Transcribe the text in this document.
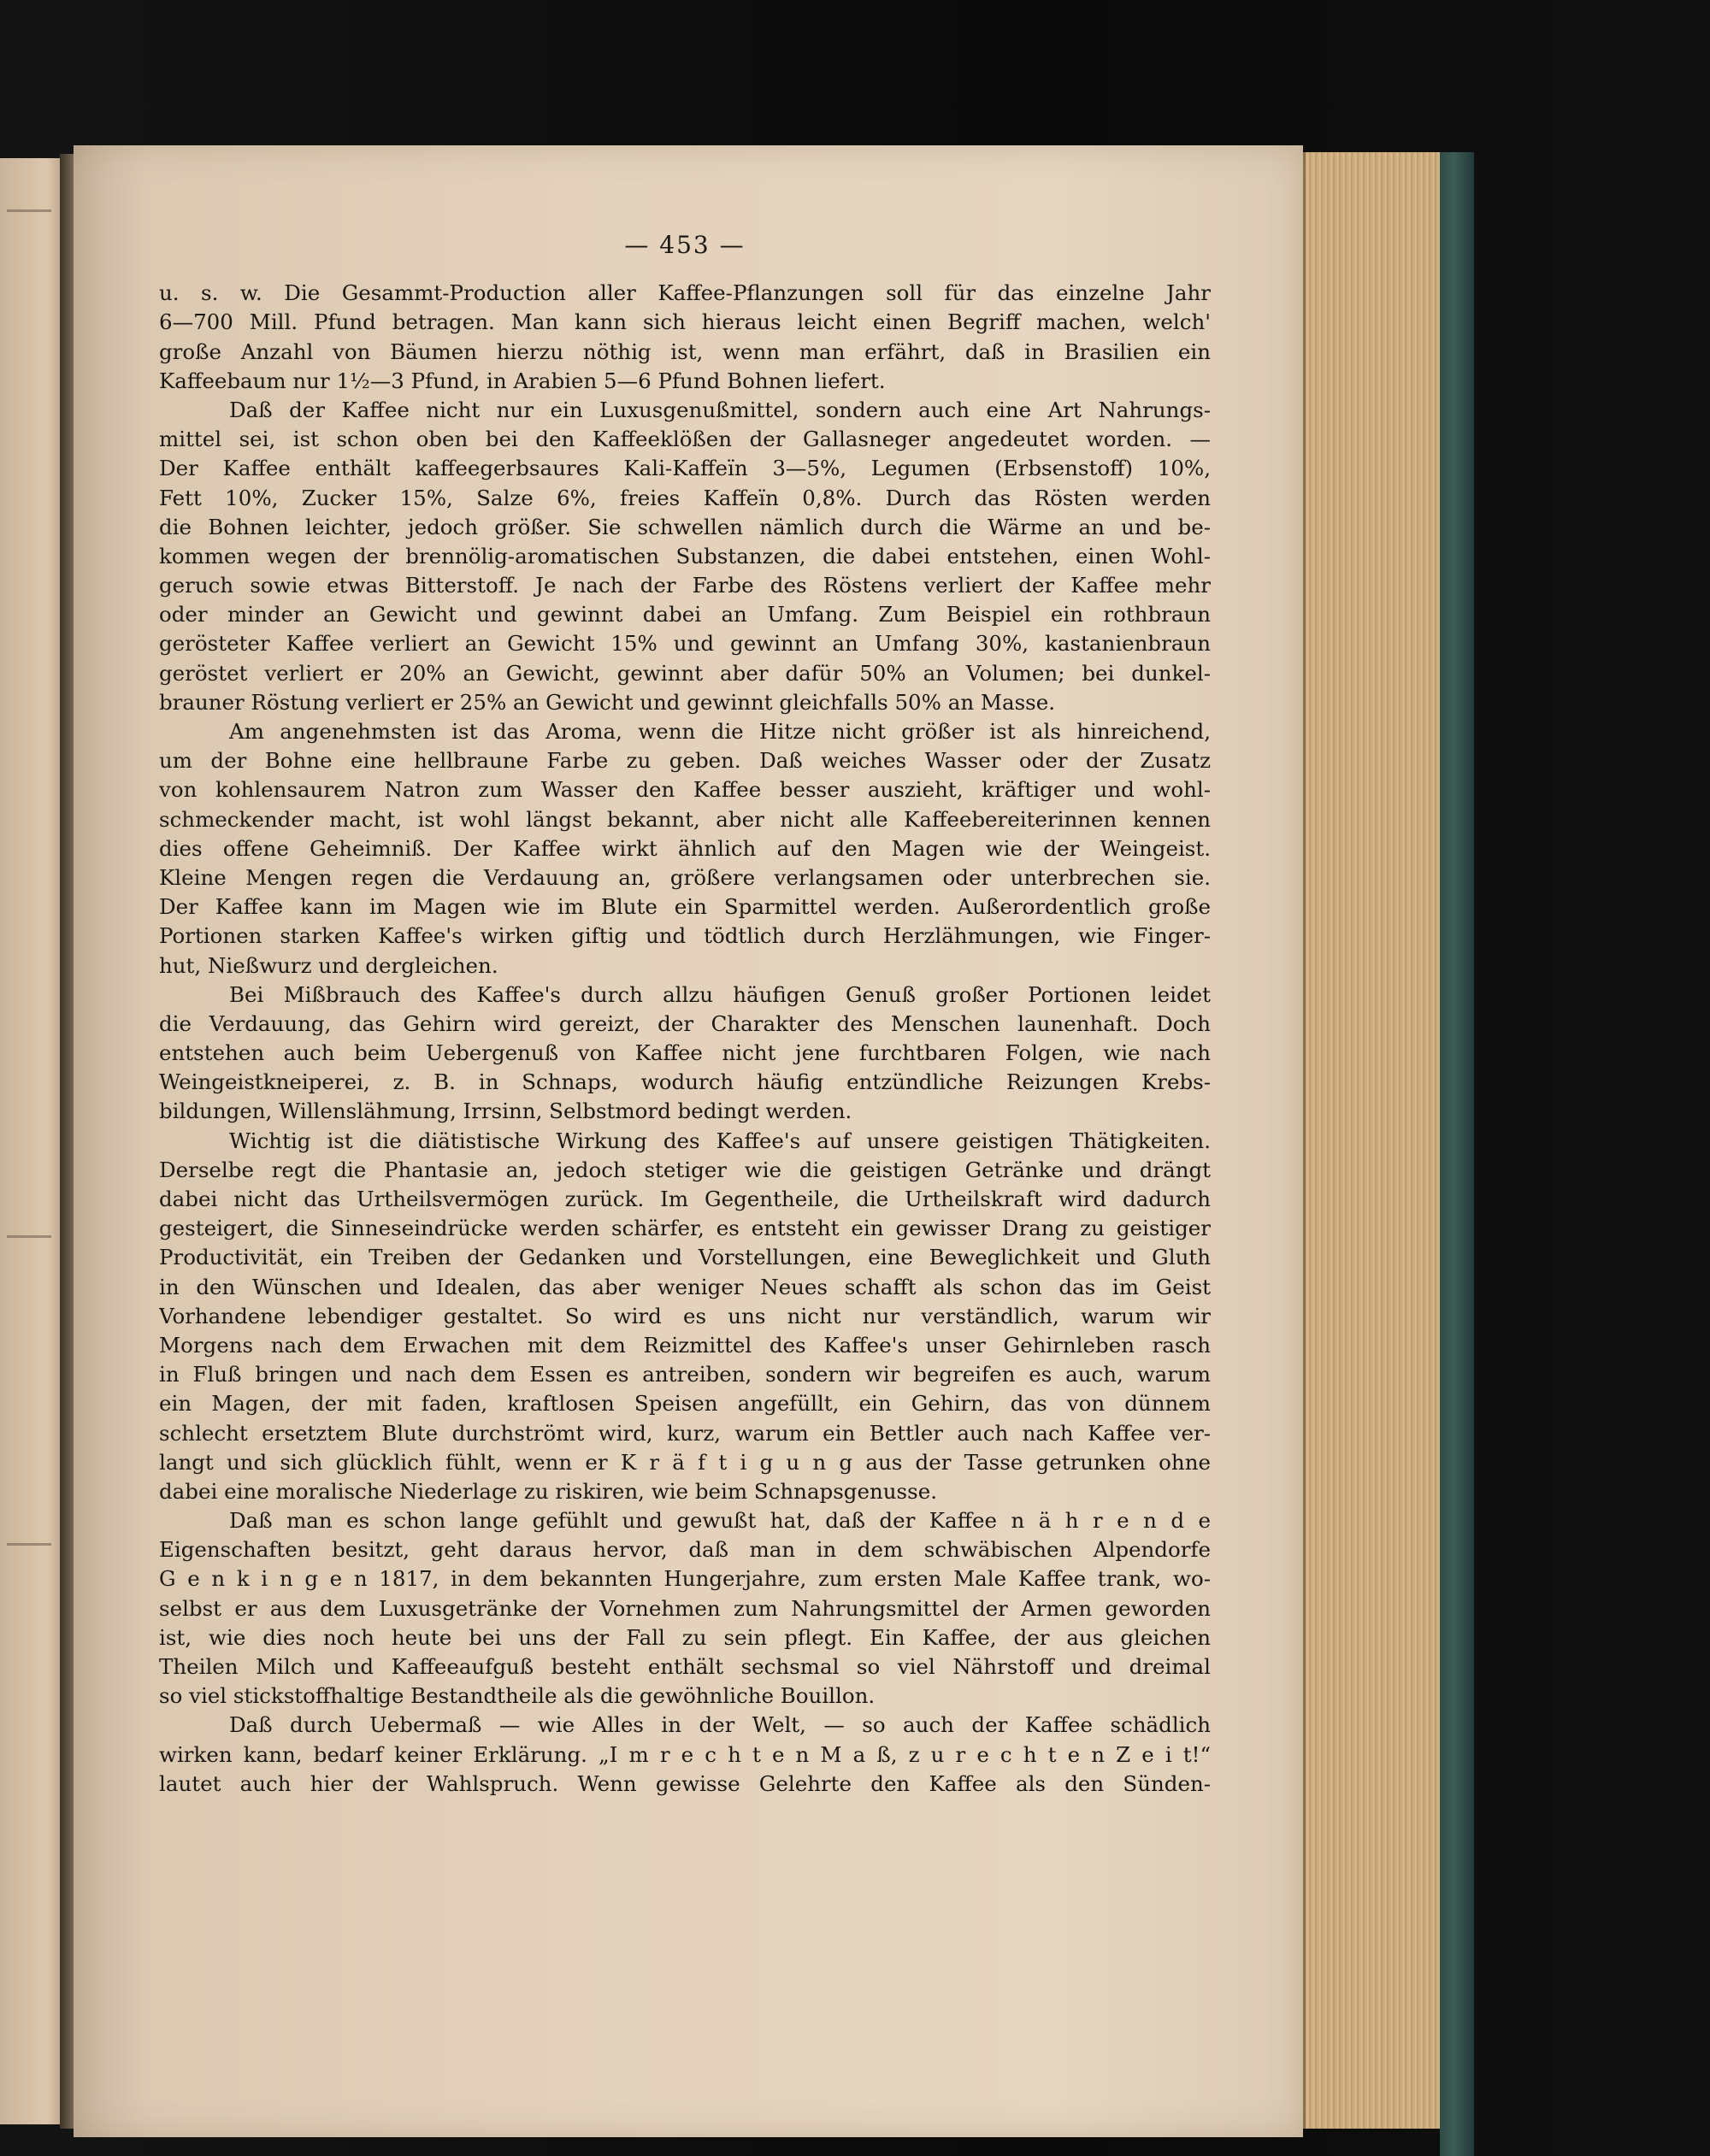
— 453 —
u. s. w. Die Gesammt-Production aller Kaffee-Pflanzungen soll für das einzelne Jahr
6—700 Mill. Pfund betragen. Man kann sich hieraus leicht einen Begriff machen, welch'
große Anzahl von Bäumen hierzu nöthig ist, wenn man erfährt, daß in Brasilien ein
Kaffeebaum nur 1½—3 Pfund, in Arabien 5—6 Pfund Bohnen liefert.
Daß der Kaffee nicht nur ein Luxusgenußmittel, sondern auch eine Art Nahrungs-
mittel sei, ist schon oben bei den Kaffeeklößen der Gallasneger angedeutet worden. —
Der Kaffee enthält kaffeegerbsaures Kali-Kaffeïn 3—5%, Legumen (Erbsenstoff) 10%,
Fett 10%, Zucker 15%, Salze 6%, freies Kaffeïn 0,8%. Durch das Rösten werden
die Bohnen leichter, jedoch größer. Sie schwellen nämlich durch die Wärme an und be-
kommen wegen der brennölig-aromatischen Substanzen, die dabei entstehen, einen Wohl-
geruch sowie etwas Bitterstoff. Je nach der Farbe des Röstens verliert der Kaffee mehr
oder minder an Gewicht und gewinnt dabei an Umfang. Zum Beispiel ein rothbraun
gerösteter Kaffee verliert an Gewicht 15% und gewinnt an Umfang 30%, kastanienbraun
geröstet verliert er 20% an Gewicht, gewinnt aber dafür 50% an Volumen; bei dunkel-
brauner Röstung verliert er 25% an Gewicht und gewinnt gleichfalls 50% an Masse.
Am angenehmsten ist das Aroma, wenn die Hitze nicht größer ist als hinreichend,
um der Bohne eine hellbraune Farbe zu geben. Daß weiches Wasser oder der Zusatz
von kohlensaurem Natron zum Wasser den Kaffee besser auszieht, kräftiger und wohl-
schmeckender macht, ist wohl längst bekannt, aber nicht alle Kaffeebereiterinnen kennen
dies offene Geheimniß. Der Kaffee wirkt ähnlich auf den Magen wie der Weingeist.
Kleine Mengen regen die Verdauung an, größere verlangsamen oder unterbrechen sie.
Der Kaffee kann im Magen wie im Blute ein Sparmittel werden. Außerordentlich große
Portionen starken Kaffee's wirken giftig und tödtlich durch Herzlähmungen, wie Finger-
hut, Nießwurz und dergleichen.
Bei Mißbrauch des Kaffee's durch allzu häufigen Genuß großer Portionen leidet
die Verdauung, das Gehirn wird gereizt, der Charakter des Menschen launenhaft. Doch
entstehen auch beim Uebergenuß von Kaffee nicht jene furchtbaren Folgen, wie nach
Weingeistkneiperei, z. B. in Schnaps, wodurch häufig entzündliche Reizungen Krebs-
bildungen, Willenslähmung, Irrsinn, Selbstmord bedingt werden.
Wichtig ist die diätistische Wirkung des Kaffee's auf unsere geistigen Thätigkeiten.
Derselbe regt die Phantasie an, jedoch stetiger wie die geistigen Getränke und drängt
dabei nicht das Urtheilsvermögen zurück. Im Gegentheile, die Urtheilskraft wird dadurch
gesteigert, die Sinneseindrücke werden schärfer, es entsteht ein gewisser Drang zu geistiger
Productivität, ein Treiben der Gedanken und Vorstellungen, eine Beweglichkeit und Gluth
in den Wünschen und Idealen, das aber weniger Neues schafft als schon das im Geist
Vorhandene lebendiger gestaltet. So wird es uns nicht nur verständlich, warum wir
Morgens nach dem Erwachen mit dem Reizmittel des Kaffee's unser Gehirnleben rasch
in Fluß bringen und nach dem Essen es antreiben, sondern wir begreifen es auch, warum
ein Magen, der mit faden, kraftlosen Speisen angefüllt, ein Gehirn, das von dünnem
schlecht ersetztem Blute durchströmt wird, kurz, warum ein Bettler auch nach Kaffee ver-
langt und sich glücklich fühlt, wenn er K r ä f t i g u n g aus der Tasse getrunken ohne
dabei eine moralische Niederlage zu riskiren, wie beim Schnapsgenusse.
Daß man es schon lange gefühlt und gewußt hat, daß der Kaffee n ä h r e n d e
Eigenschaften besitzt, geht daraus hervor, daß man in dem schwäbischen Alpendorfe
G e n k i n g e n 1817, in dem bekannten Hungerjahre, zum ersten Male Kaffee trank, wo-
selbst er aus dem Luxusgetränke der Vornehmen zum Nahrungsmittel der Armen geworden
ist, wie dies noch heute bei uns der Fall zu sein pflegt. Ein Kaffee, der aus gleichen
Theilen Milch und Kaffeeaufguß besteht enthält sechsmal so viel Nährstoff und dreimal
so viel stickstoffhaltige Bestandtheile als die gewöhnliche Bouillon.
Daß durch Uebermaß — wie Alles in der Welt, — so auch der Kaffee schädlich
wirken kann, bedarf keiner Erklärung. „I m r e c h t e n M a ß, z u r e c h t e n Z e i t!“
lautet auch hier der Wahlspruch. Wenn gewisse Gelehrte den Kaffee als den Sünden-
